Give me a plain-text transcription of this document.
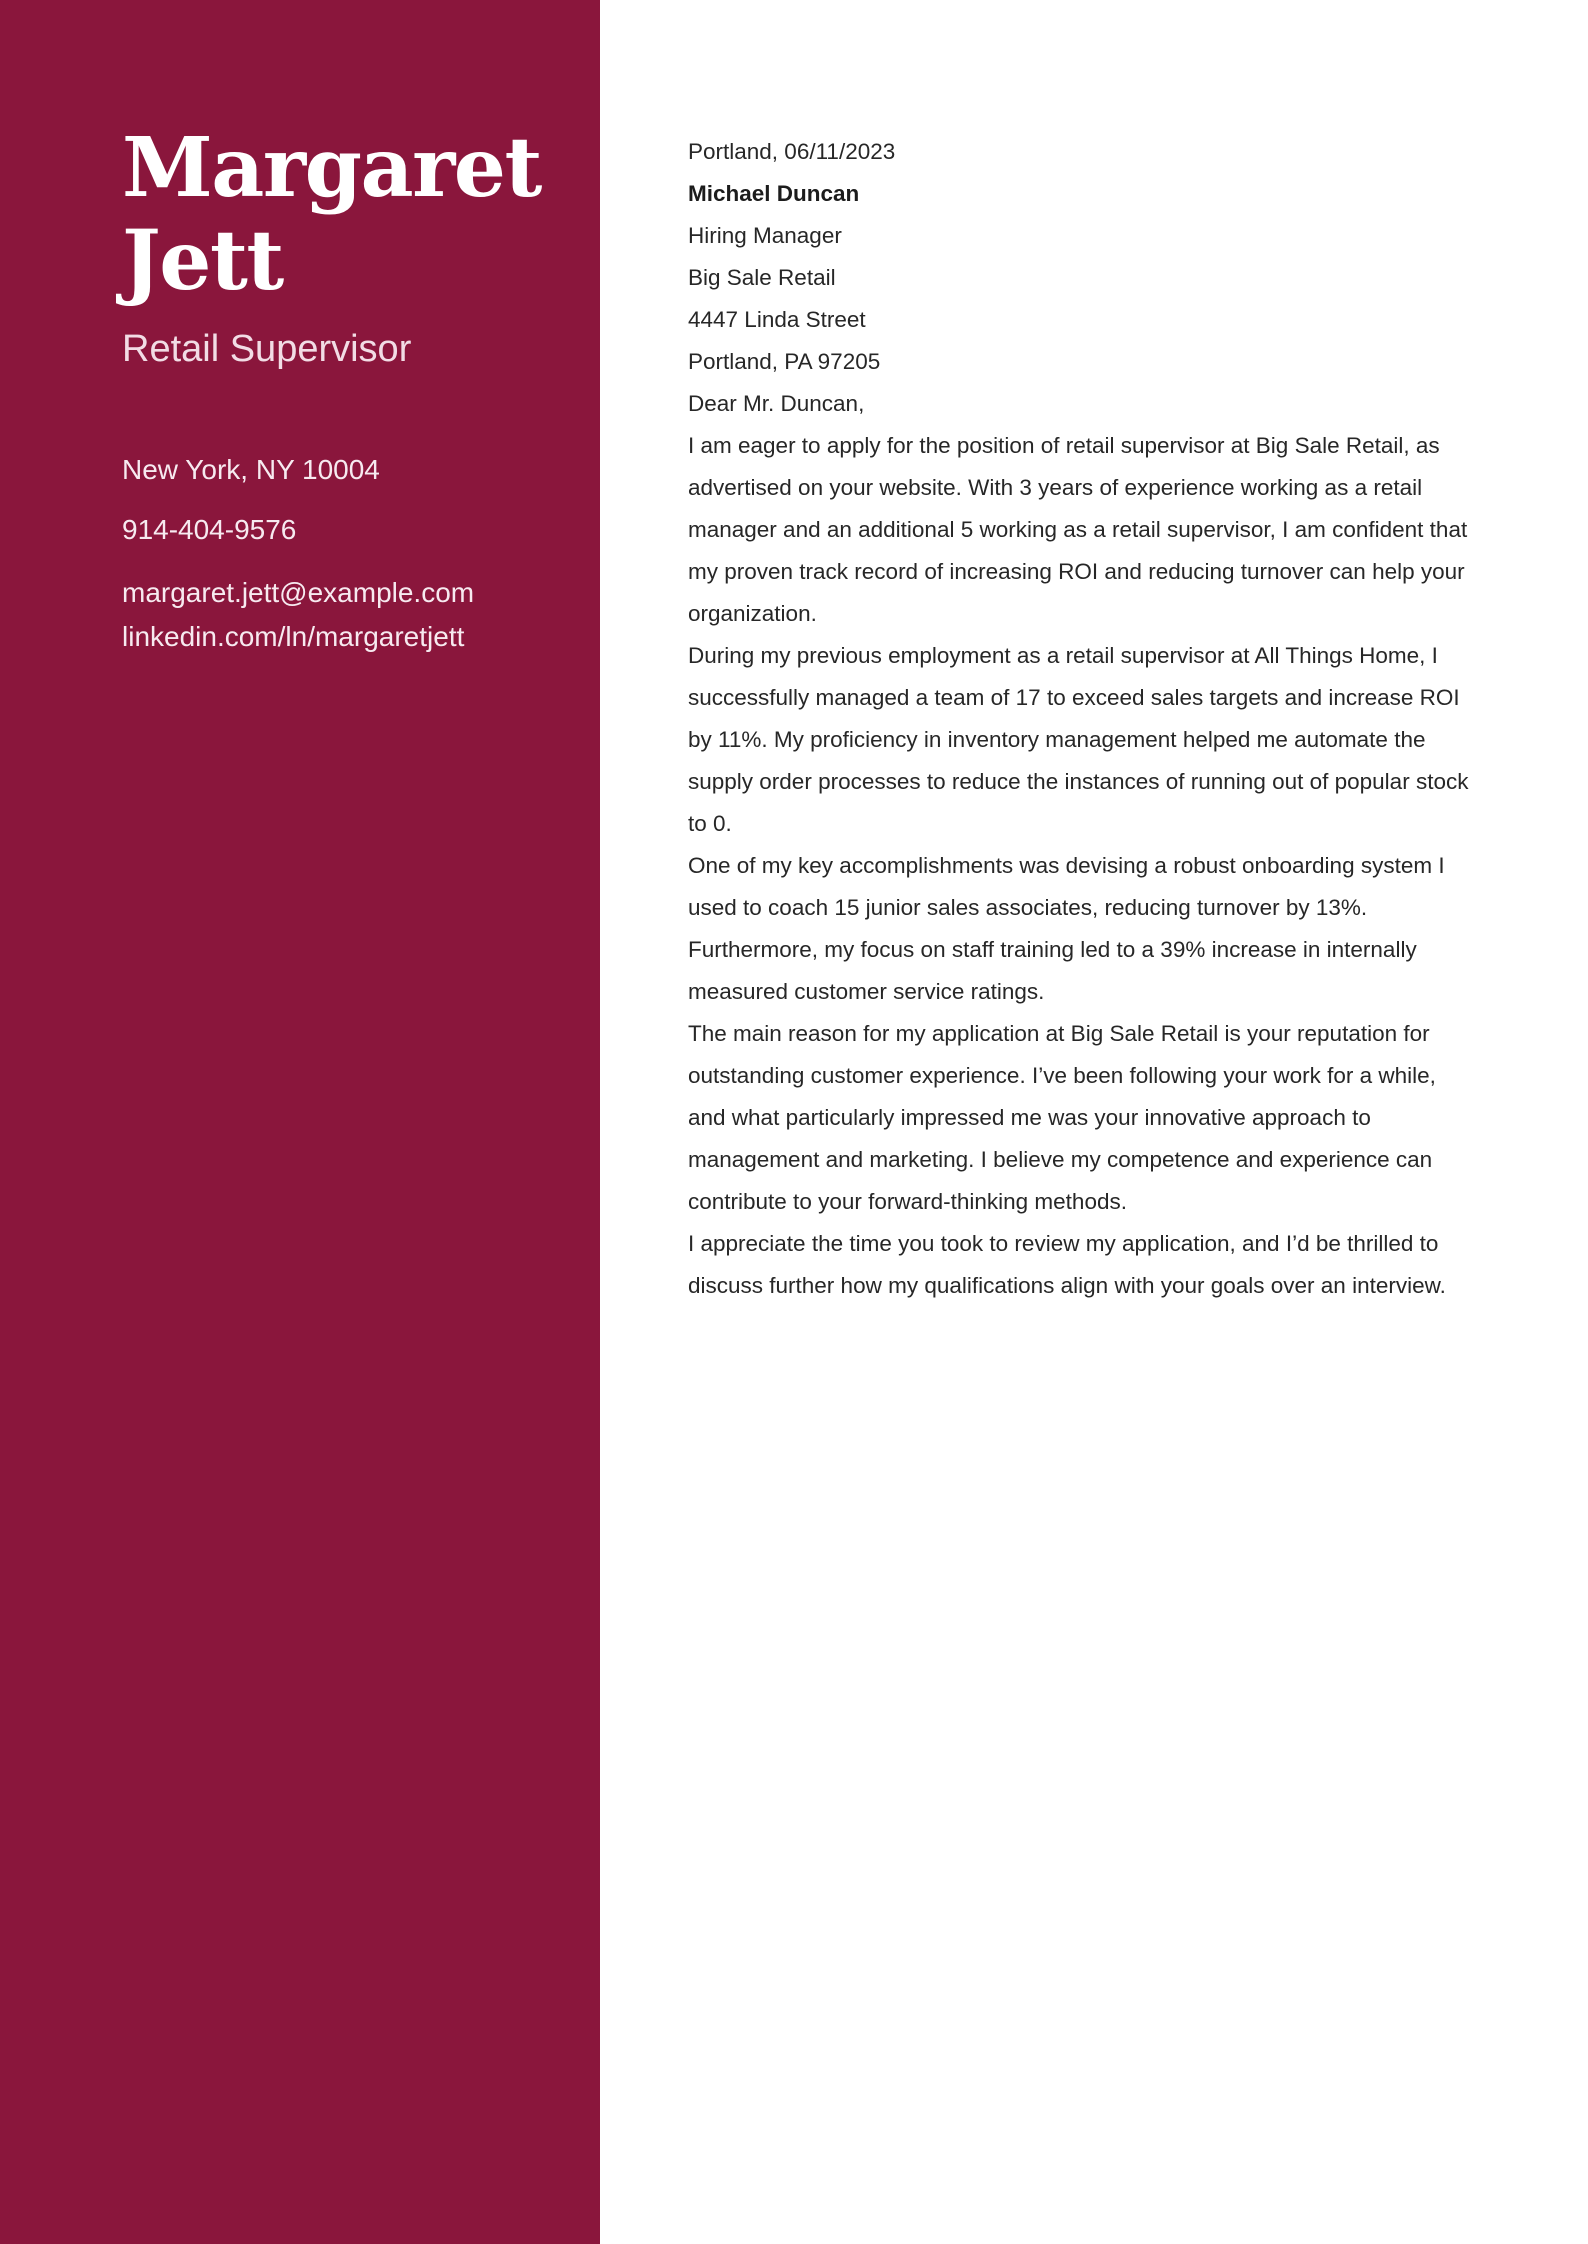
Margaret
Jett
Retail Supervisor

New York, NY 10004

914-404-9576

margaret.jett@example.com

linkedin.com/ln/margaretjett

Portland, 06/11/2023

Michael Duncan

Hiring Manager

Big Sale Retail

4447 Linda Street

Portland, PA 97205

Dear Mr. Duncan,

I am eager to apply for the position of retail supervisor at Big Sale Retail, as advertised on your website. With 3 years of experience working as a retail manager and an additional 5 working as a retail supervisor, I am confident that my proven track record of increasing ROI and reducing turnover can help your organization.

During my previous employment as a retail supervisor at All Things Home, I successfully managed a team of 17 to exceed sales targets and increase ROI by 11%. My proficiency in inventory management helped me automate the supply order processes to reduce the instances of running out of popular stock to 0.

One of my key accomplishments was devising a robust onboarding system I used to coach 15 junior sales associates, reducing turnover by 13%. Furthermore, my focus on staff training led to a 39% increase in internally measured customer service ratings.

The main reason for my application at Big Sale Retail is your reputation for outstanding customer experience. I’ve been following your work for a while, and what particularly impressed me was your innovative approach to management and marketing. I believe my competence and experience can contribute to your forward-thinking methods.

I appreciate the time you took to review my application, and I’d be thrilled to discuss further how my qualifications align with your goals over an interview.
